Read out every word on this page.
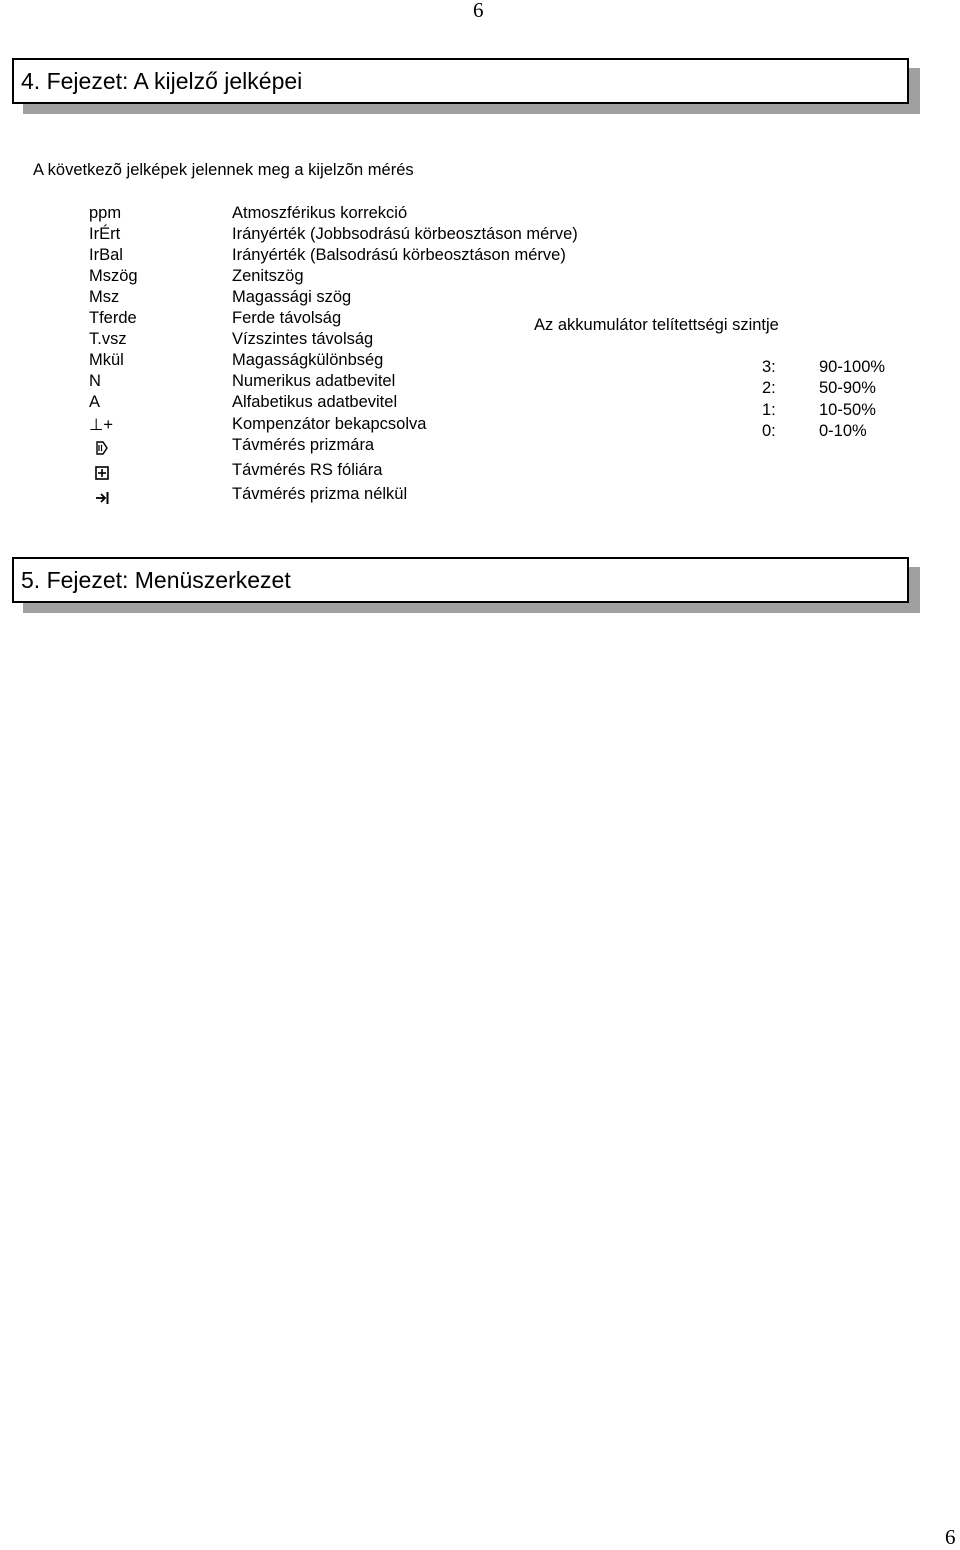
6
4. Fejezet: A kijelző jelképei
A következõ jelképek jelennek meg a kijelzõn mérés
ppm	Atmoszférikus korrekció
IrÉrt	Irányérték (Jobbsodrású körbeosztáson mérve)
IrBal	Irányérték (Balsodrású körbeosztáson mérve)
Mszög	Zenitszög
Msz	Magassági szög
Tferde	Ferde távolság
T.vsz	Vízszintes távolság
Mkül	Magasságkülönbség
N	Numerikus adatbevitel
A	Alfabetikus adatbevitel
⊥+	Kompenzátor bekapcsolva
Távmérés prizmára
Távmérés RS fóliára
Távmérés prizma nélkül
Az akkumulátor telítettségi szintje
3:	90-100%
2:	50-90%
1:	10-50%
0:	0-10%
5. Fejezet: Menüszerkezet
6
